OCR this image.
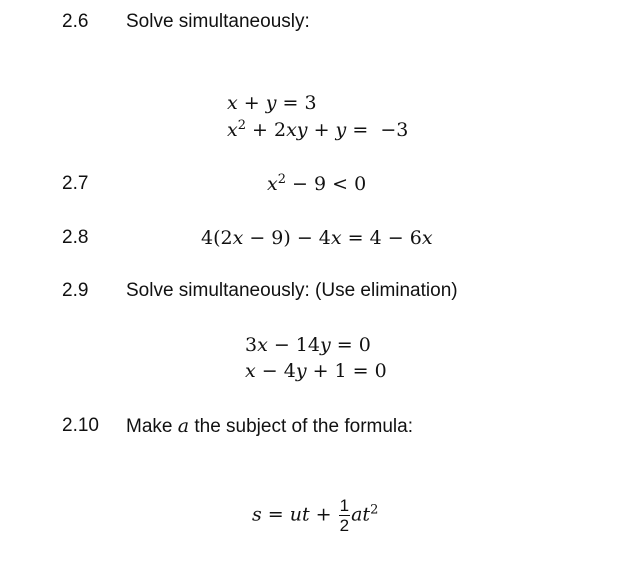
2.6 Solve simultaneously:
x + y = 3
$x^2 + 2xy + y = -3$
2.7	$x^2 - 9 < 0$
2.8	4(2x − 9) − 4x = 4 − 6x
2.9 Solve simultaneously: (Use elimination)
3x − 14y = 0
x − 4y + 1 = 0
2.10 Make a the subject of the formula:
s = ut + $\frac{1}{2} at^2$
